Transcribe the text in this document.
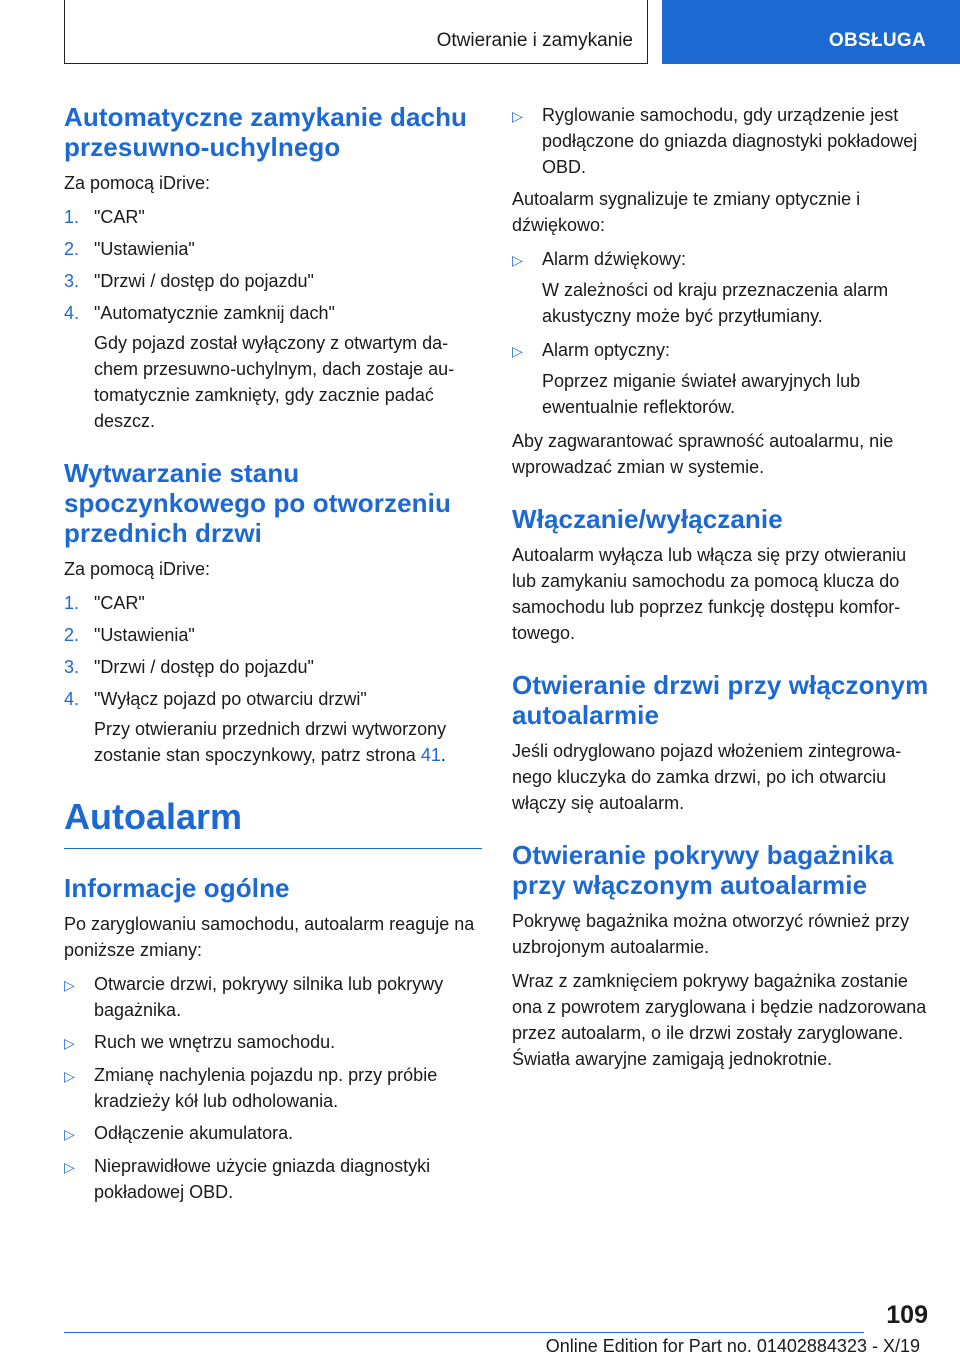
Otwieranie i zamykanie	OBSŁUGA
Automatyczne zamykanie dachu przesuwno-uchylnego

Za pomocą iDrive:

1. "CAR"
2. "Ustawienia"
3. "Drzwi / dostęp do pojazdu"
4. "Automatycznie zamknij dach"
Gdy pojazd został wyłączony z otwartym dachem przesuwno-uchylnym, dach zostaje automatycznie zamknięty, gdy zacznie padać deszcz.
Wytwarzanie stanu spoczynkowego po otworzeniu przednich drzwi

Za pomocą iDrive:

1. "CAR"
2. "Ustawienia"
3. "Drzwi / dostęp do pojazdu"
4. "Wyłącz pojazd po otwarciu drzwi"
Przy otwieraniu przednich drzwi wytworzony zostanie stan spoczynkowy, patrz strona 41.
Autoalarm
Informacje ogólne

Po zaryglowaniu samochodu, autoalarm reaguje na poniższe zmiany:

▷	Otwarcie drzwi, pokrywy silnika lub pokrywy bagażnika.
▷	Ruch we wnętrzu samochodu.
▷	Zmianę nachylenia pojazdu np. przy próbie kradzieży kół lub odholowania.
▷	Odłączenie akumulatora.
▷	Nieprawidłowe użycie gniazda diagnostyki pokładowej OBD.
▷	Ryglowanie samochodu, gdy urządzenie jest podłączone do gniazda diagnostyki pokładowej OBD.

Autoalarm sygnalizuje te zmiany optycznie i dźwiękowo:

▷	Alarm dźwiękowy:
W zależności od kraju przeznaczenia alarm akustyczny może być przytłumiany.
▷	Alarm optyczny:
Poprzez miganie świateł awaryjnych lub ewentualnie reflektorów.

Aby zagwarantować sprawność autoalarmu, nie wprowadzać zmian w systemie.

Włączanie/wyłączanie

Autoalarm wyłącza lub włącza się przy otwieraniu lub zamykaniu samochodu za pomocą klucza do samochodu lub poprzez funkcję dostępu komfortowego.

Otwieranie drzwi przy włączonym autoalarmie

Jeśli odryglowano pojazd włożeniem zintegrowanego kluczyka do zamka drzwi, po ich otwarciu włączy się autoalarm.

Otwieranie pokrywy bagażnika przy włączonym autoalarmie

Pokrywę bagażnika można otworzyć również przy uzbrojonym autoalarmie.

Wraz z zamknięciem pokrywy bagażnika zostanie ona z powrotem zaryglowana i będzie nadzorowana przez autoalarm, o ile drzwi zostały zaryglowane. Światła awaryjne zamigają jednokrotnie.

109
Online Edition for Part no. 01402884323 - X/19
